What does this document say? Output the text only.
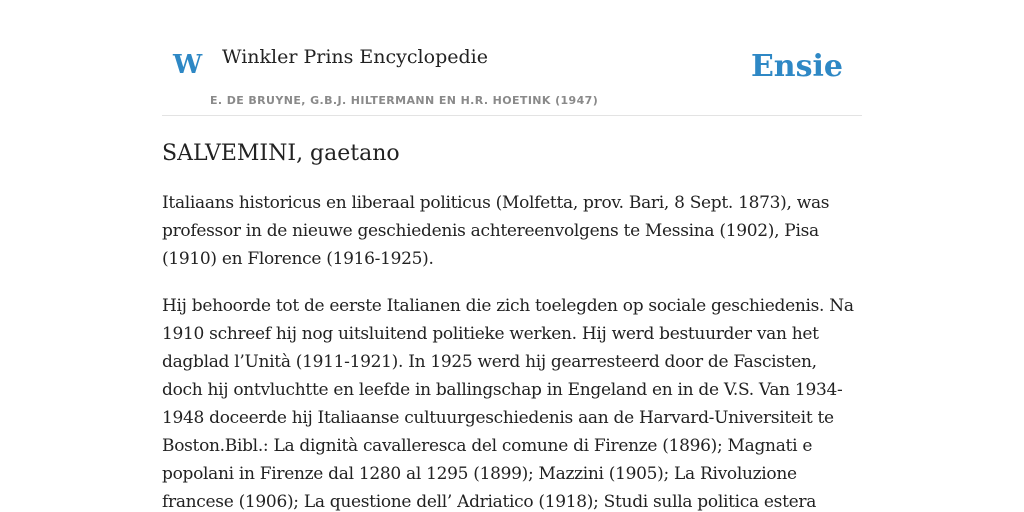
W Winkler Prins Encyclopedie
E. DE BRUYNE, G.B.J. HILTERMANN EN H.R. HOETINK (1947)
Ensie
SALVEMINI, gaetano

Italiaans historicus en liberaal politicus (Molfetta, prov. Bari, 8 Sept. 1873), was professor in de nieuwe geschiedenis achtereenvolgens te Messina (1902), Pisa (1910) en Florence (1916-1925).

Hij behoorde tot de eerste Italianen die zich toelegden op sociale geschiedenis. Na 1910 schreef hij nog uitsluitend politieke werken. Hij werd bestuurder van het dagblad l’Unità (1911-1921). In 1925 werd hij gearresteerd door de Fascisten, doch hij ontvluchtte en leefde in ballingschap in Engeland en in de V.S. Van 1934-1948 doceerde hij Italiaanse cultuurgeschiedenis aan de Harvard-Universiteit te Boston.Bibl.: La dignità cavalleresca del comune di Firenze (1896); Magnati e popolani in Firenze dal 1280 al 1295 (1899); Mazzini (1905); La Rivoluzione francese (1906); La questione dell’ Adriatico (1918); Studi sulla politica estera
